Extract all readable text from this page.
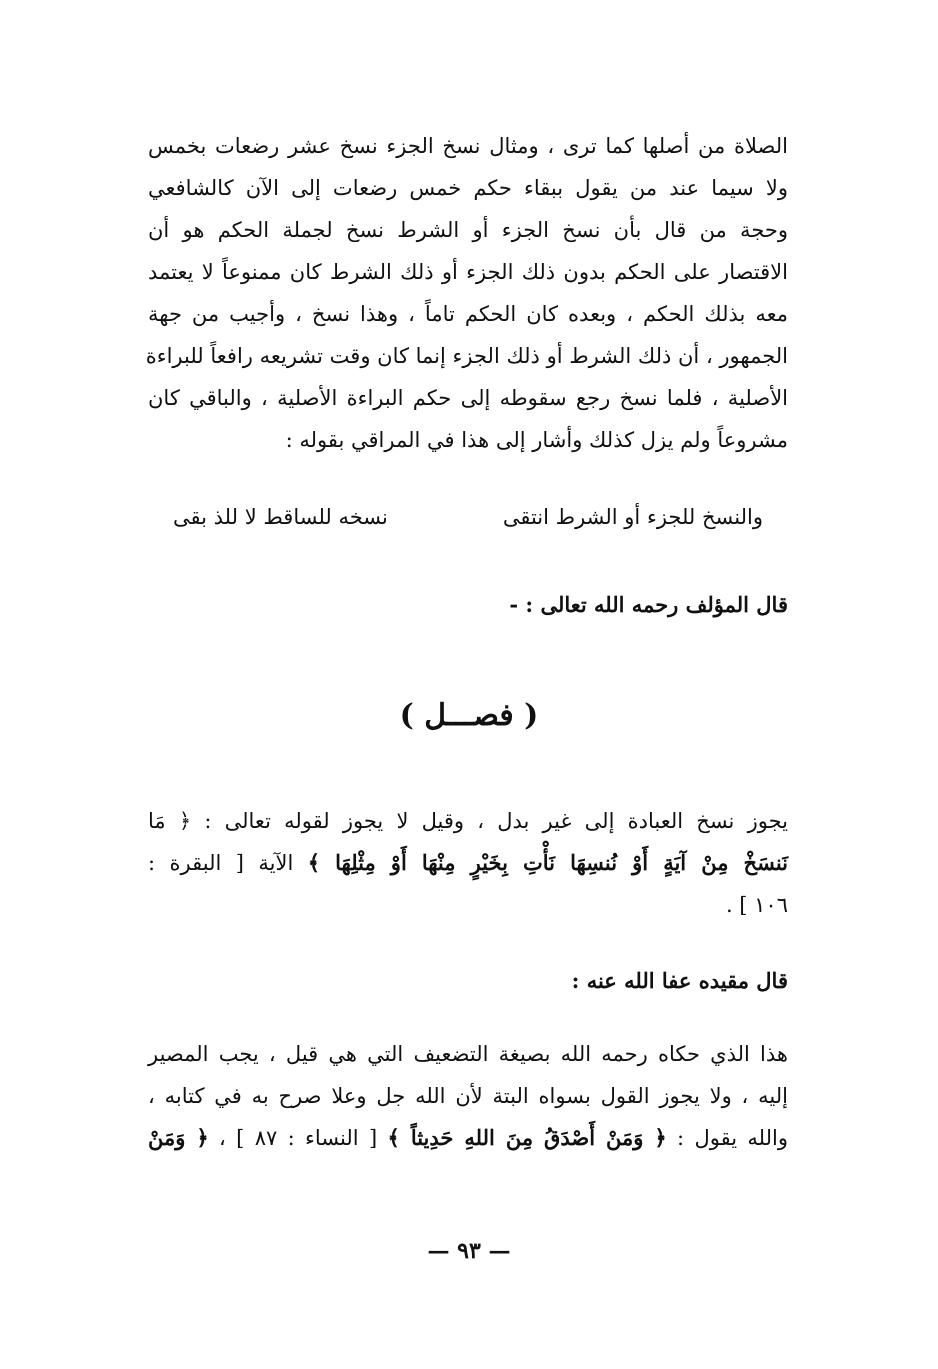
الصلاة من أصلها كما ترى ، ومثال نسخ الجزء نسخ عشر رضعات بخمس
ولا سيما عند من يقول ببقاء حكم خمس رضعات إلى الآن كالشافعي
وحجة من قال بأن نسخ الجزء أو الشرط نسخ لجملة الحكم هو أن
الاقتصار على الحكم بدون ذلك الجزء أو ذلك الشرط كان ممنوعاً لا يعتمد
معه بذلك الحكم ، وبعده كان الحكم تاماً ، وهذا نسخ ، وأجيب من جهة
الجمهور ، أن ذلك الشرط أو ذلك الجزء إنما كان وقت تشريعه رافعاً للبراءة
الأصلية ، فلما نسخ رجع سقوطه إلى حكم البراءة الأصلية ، والباقي كان
مشروعاً ولم يزل كذلك وأشار إلى هذا في المراقي بقوله :
والنسخ للجزء أو الشرط انتقى
نسخه للساقط لا للذ بقى
قال المؤلف رحمه الله تعالى : -
( فصـــل )
يجوز نسخ العبادة إلى غير بدل ، وقيل لا يجوز لقوله تعالى : ﴿ مَا
نَنسَخْ مِنْ آيَةٍ أَوْ نُنسِهَا نَأْتِ بِخَيْرٍ مِنْهَا أَوْ مِثْلِهَا ﴾ الآية [ البقرة :
١٠٦ ] .
قال مقيده عفا الله عنه :
هذا الذي حكاه رحمه الله بصيغة التضعيف التي هي قيل ، يجب المصير
إليه ، ولا يجوز القول بسواه البتة لأن الله جل وعلا صرح به في كتابه ،
والله يقول : ﴿ وَمَنْ أَصْدَقُ مِنَ اللهِ حَدِيثاً ﴾ [ النساء : ٨٧ ] ، ﴿ وَمَنْ
— ٩٣ —
